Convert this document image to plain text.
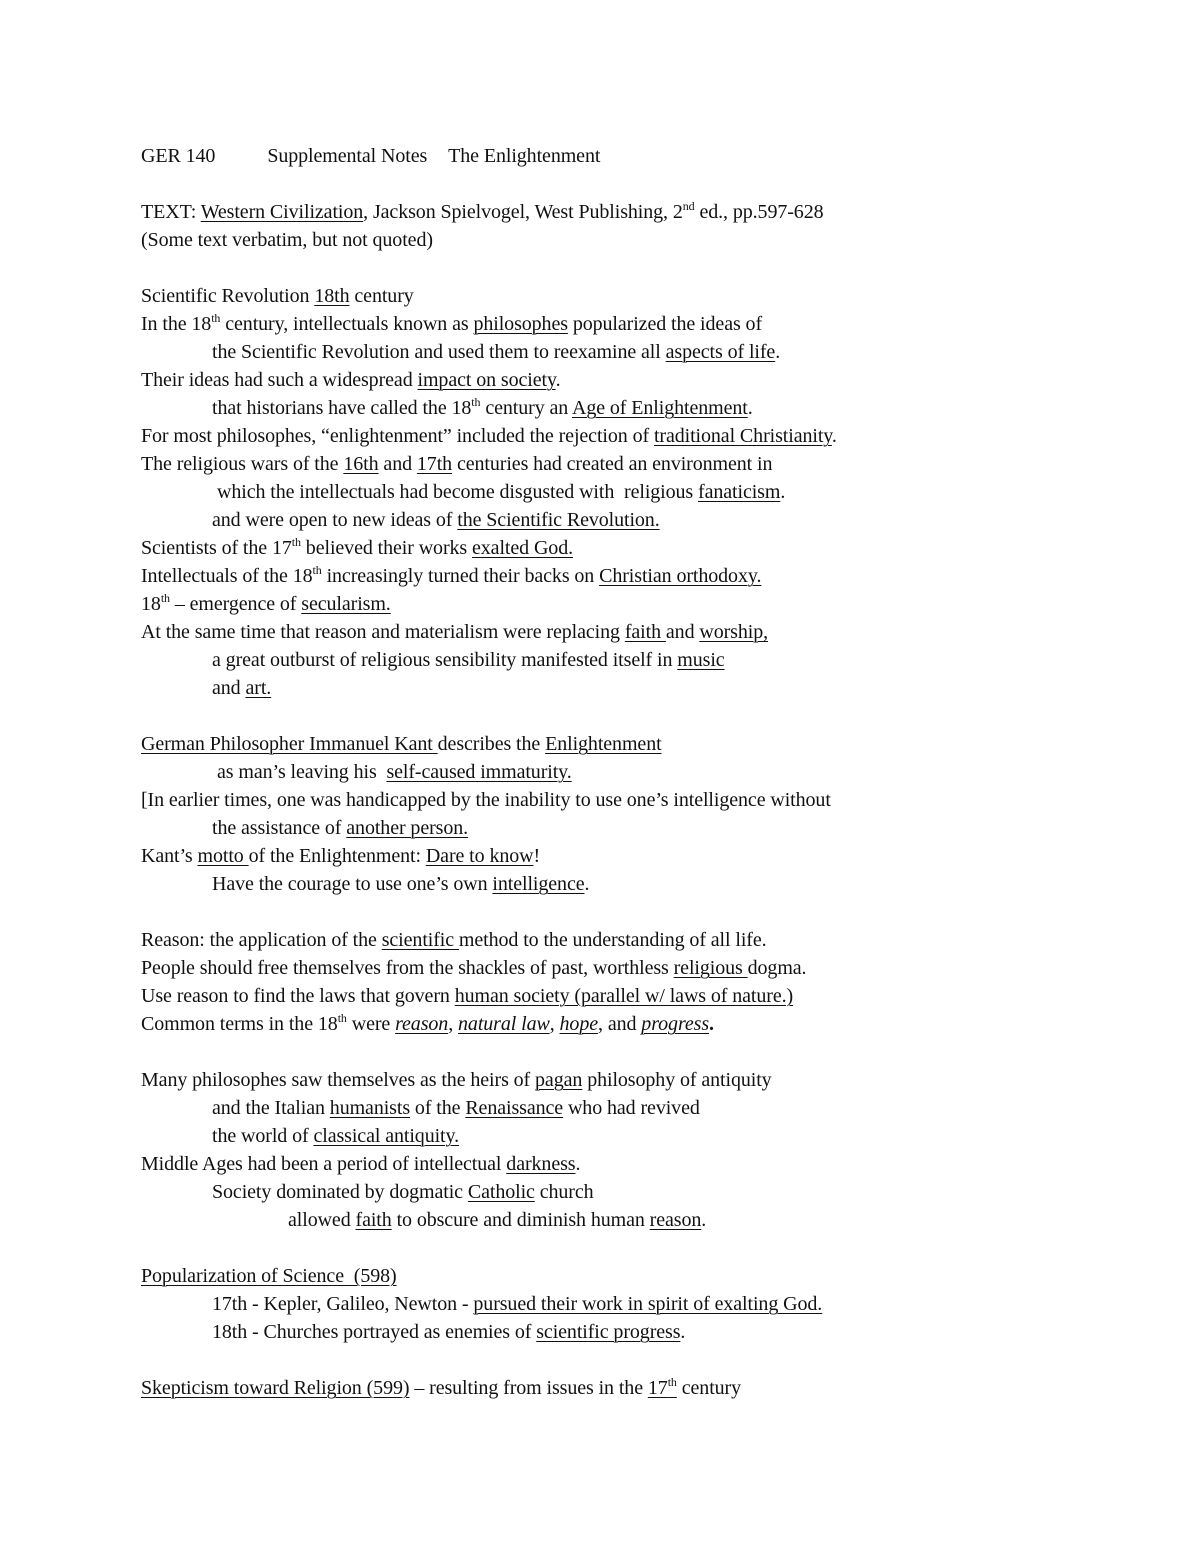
GER 140	Supplemental Notes The Enlightenment
TEXT: Western Civilization, Jackson Spielvogel, West Publishing, 2nd ed., pp.597-628
(Some text verbatim, but not quoted)
Scientific Revolution 18th century
In the 18th century, intellectuals known as philosophes popularized the ideas of
the Scientific Revolution and used them to reexamine all aspects of life.
Their ideas had such a widespread impact on society.
that historians have called the 18th century an Age of Enlightenment.
For most philosophes, “enlightenment” included the rejection of traditional Christianity.
The religious wars of the 16th and 17th centuries had created an environment in
which the intellectuals had become disgusted with  religious fanaticism.
and were open to new ideas of the Scientific Revolution.
Scientists of the 17th believed their works exalted God.
Intellectuals of the 18th increasingly turned their backs on Christian orthodoxy.
18th – emergence of secularism.
At the same time that reason and materialism were replacing faith and worship,
a great outburst of religious sensibility manifested itself in music
and art.
German Philosopher Immanuel Kant describes the Enlightenment
as man’s leaving his  self-caused immaturity.
[In earlier times, one was handicapped by the inability to use one’s intelligence without
the assistance of another person.
Kant’s motto of the Enlightenment: Dare to know!
Have the courage to use one’s own intelligence.
Reason: the application of the scientific method to the understanding of all life.
People should free themselves from the shackles of past, worthless religious dogma.
Use reason to find the laws that govern human society (parallel w/ laws of nature.)
Common terms in the 18th were reason, natural law, hope, and progress.
Many philosophes saw themselves as the heirs of pagan philosophy of antiquity
and the Italian humanists of the Renaissance who had revived
the world of classical antiquity.
Middle Ages had been a period of intellectual darkness.
Society dominated by dogmatic Catholic church
allowed faith to obscure and diminish human reason.
Popularization of Science  (598)
17th - Kepler, Galileo, Newton - pursued their work in spirit of exalting God.
18th - Churches portrayed as enemies of scientific progress.
Skepticism toward Religion (599) – resulting from issues in the 17th century
